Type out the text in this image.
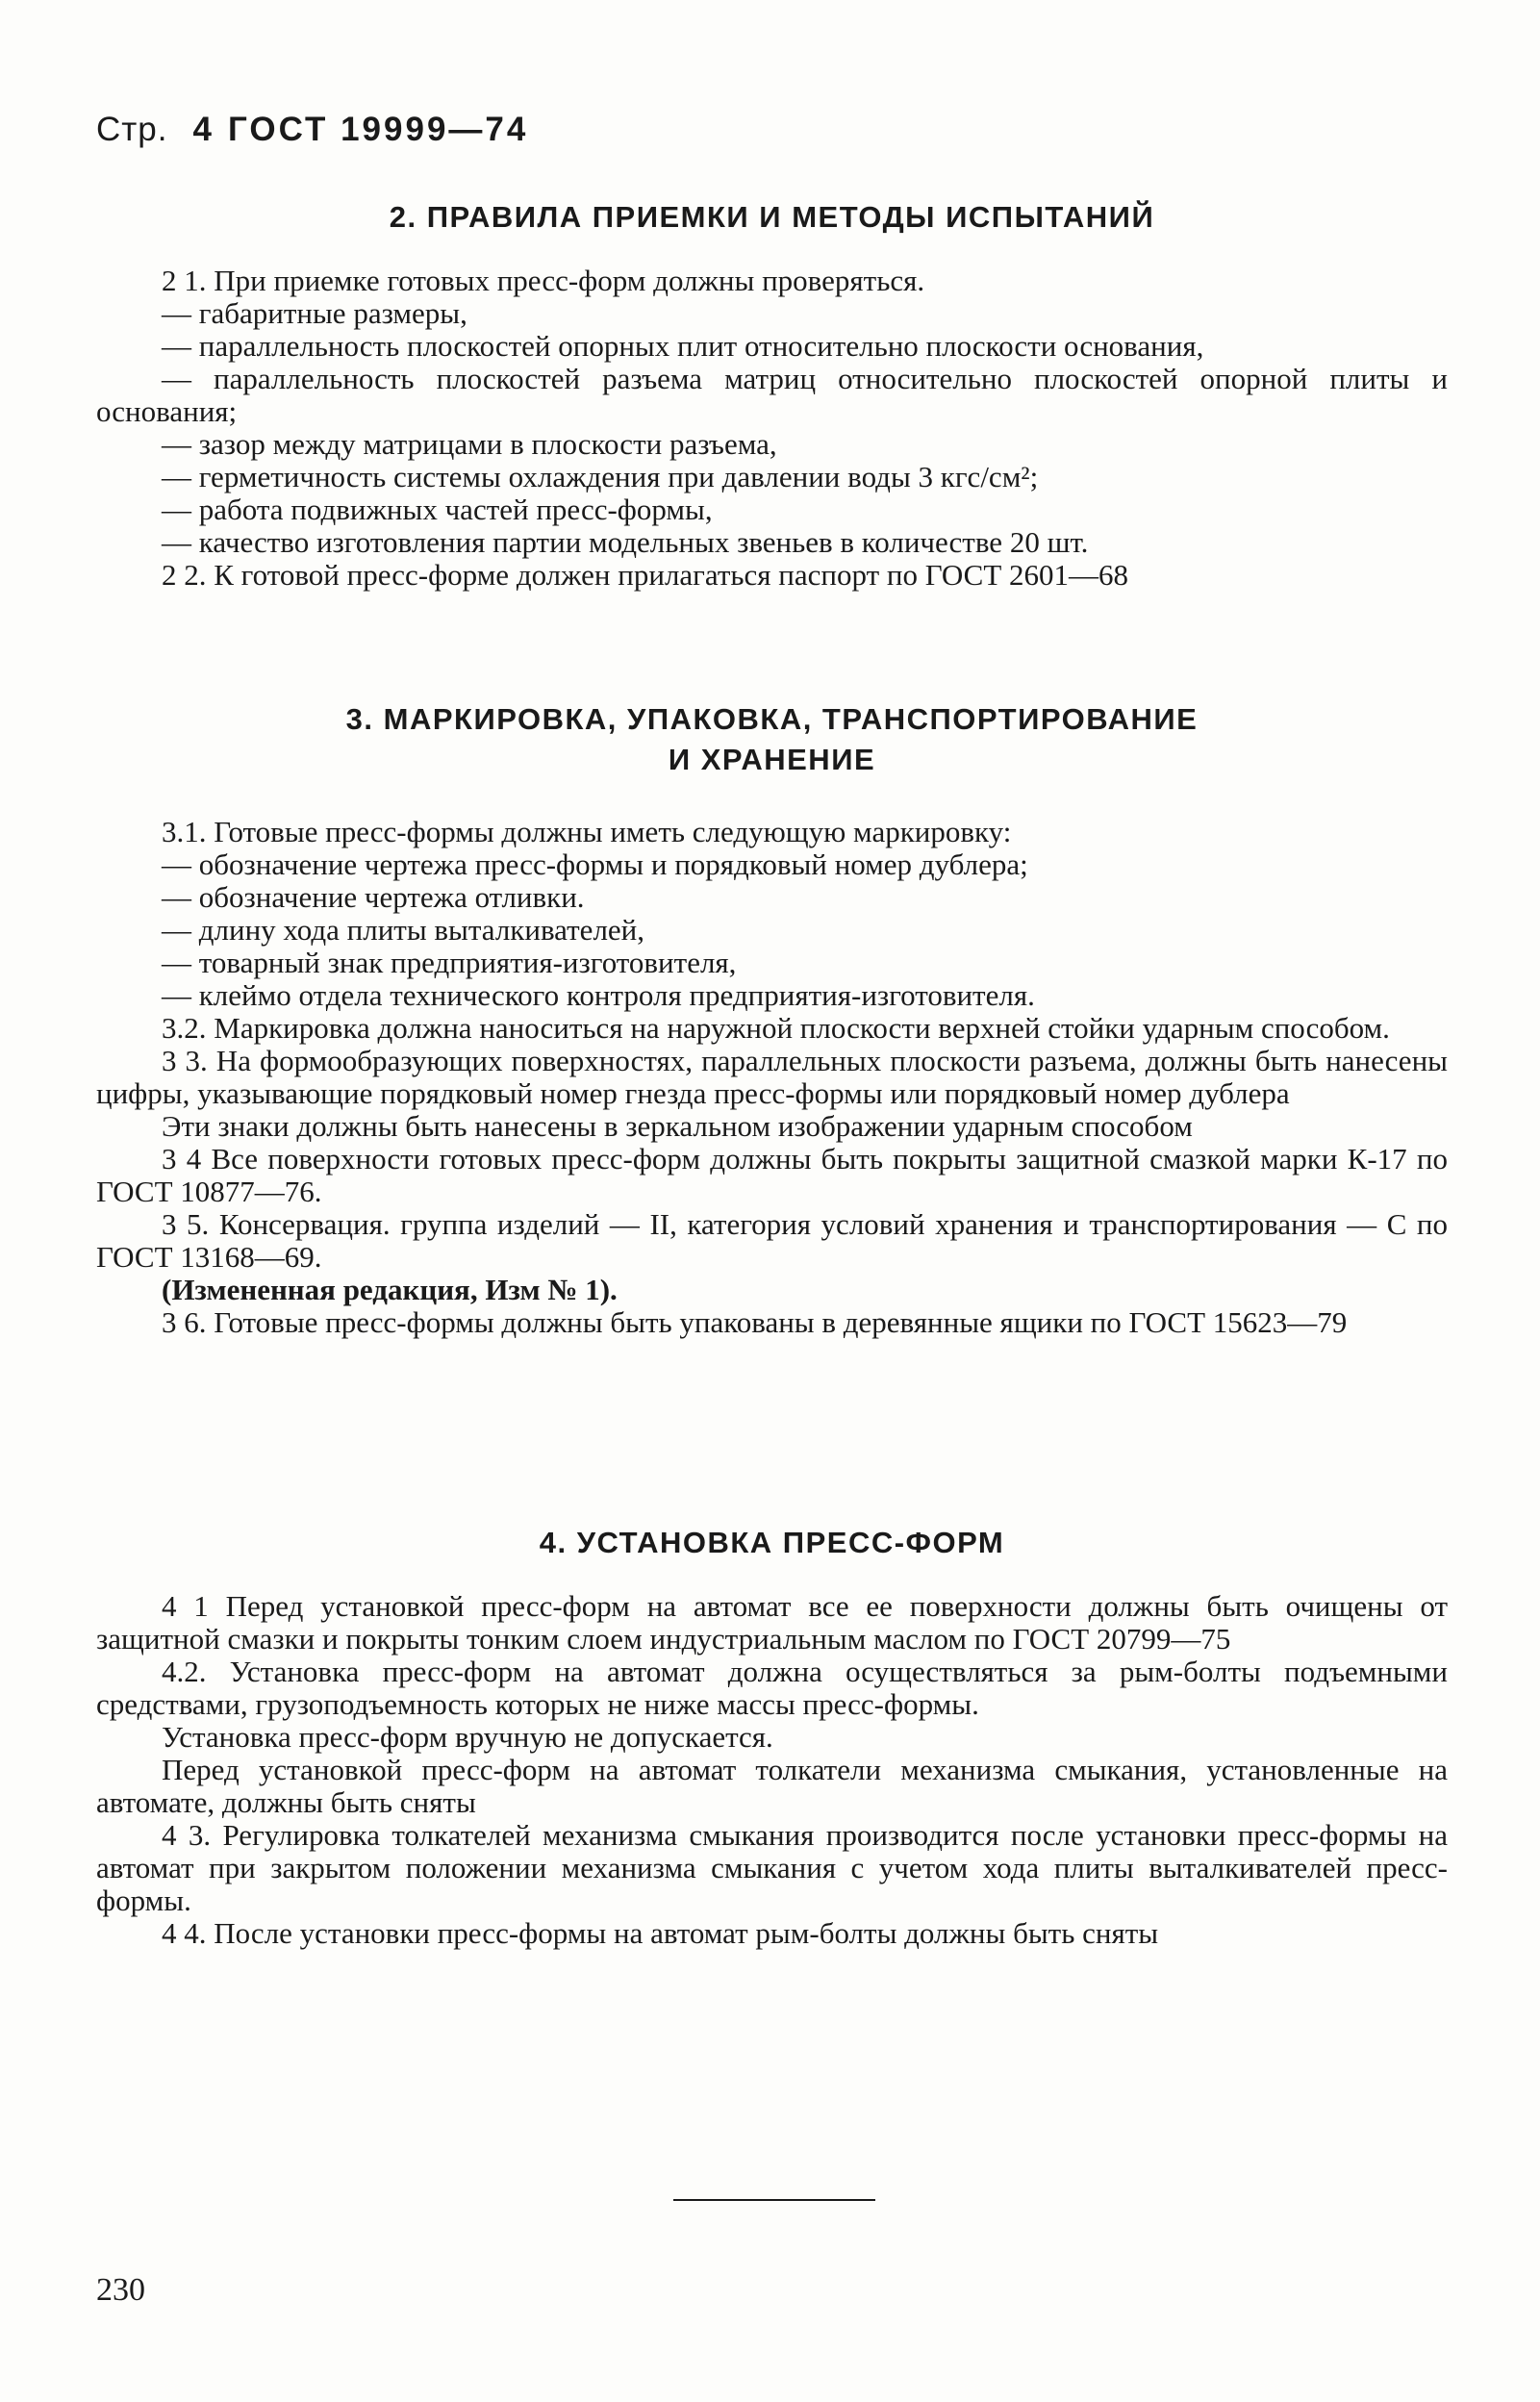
Стр. 4 ГОСТ 19999—74
2. ПРАВИЛА ПРИЕМКИ И МЕТОДЫ ИСПЫТАНИЙ

2 1. При приемке готовых пресс-форм должны проверяться.

— габаритные размеры,

— параллельность плоскостей опорных плит относительно плоскости основания,

— параллельность плоскостей разъема матриц относительно плоскостей опорной плиты и основания;

— зазор между матрицами в плоскости разъема,

— герметичность системы охлаждения при давлении воды 3 кгс/см²;

— работа подвижных частей пресс-формы,

— качество изготовления партии модельных звеньев в количестве 20 шт.

2 2. К готовой пресс-форме должен прилагаться паспорт по ГОСТ 2601—68

3. МАРКИРОВКА, УПАКОВКА, ТРАНСПОРТИРОВАНИЕ
И ХРАНЕНИЕ

3.1. Готовые пресс-формы должны иметь следующую маркировку:

— обозначение чертежа пресс-формы и порядковый номер дублера;

— обозначение чертежа отливки.

— длину хода плиты выталкивателей,

— товарный знак предприятия-изготовителя,

— клеймо отдела технического контроля предприятия-изготовителя.

3.2. Маркировка должна наноситься на наружной плоскости верхней стойки ударным способом.

3 3. На формообразующих поверхностях, параллельных плоскости разъема, должны быть нанесены цифры, указывающие порядковый номер гнезда пресс-формы или порядковый номер дублера

Эти знаки должны быть нанесены в зеркальном изображении ударным способом

3 4 Все поверхности готовых пресс-форм должны быть покрыты защитной смазкой марки К-17 по ГОСТ 10877—76.

3 5. Консервация. группа изделий — II, категория условий хранения и транспортирования — С по ГОСТ 13168—69.

(Измененная редакция, Изм № 1).

3 6. Готовые пресс-формы должны быть упакованы в деревянные ящики по ГОСТ 15623—79

4. УСТАНОВКА ПРЕСС-ФОРМ

4 1 Перед установкой пресс-форм на автомат все ее поверхности должны быть очищены от защитной смазки и покрыты тонким слоем индустриальным маслом по ГОСТ 20799—75

4.2. Установка пресс-форм на автомат должна осуществляться за рым-болты подъемными средствами, грузоподъемность которых не ниже массы пресс-формы.

Установка пресс-форм вручную не допускается.

Перед установкой пресс-форм на автомат толкатели механизма смыкания, установленные на автомате, должны быть сняты

4 3. Регулировка толкателей механизма смыкания производится после установки пресс-формы на автомат при закрытом положении механизма смыкания с учетом хода плиты выталкивателей пресс-формы.

4 4. После установки пресс-формы на автомат рым-болты должны быть сняты

230
